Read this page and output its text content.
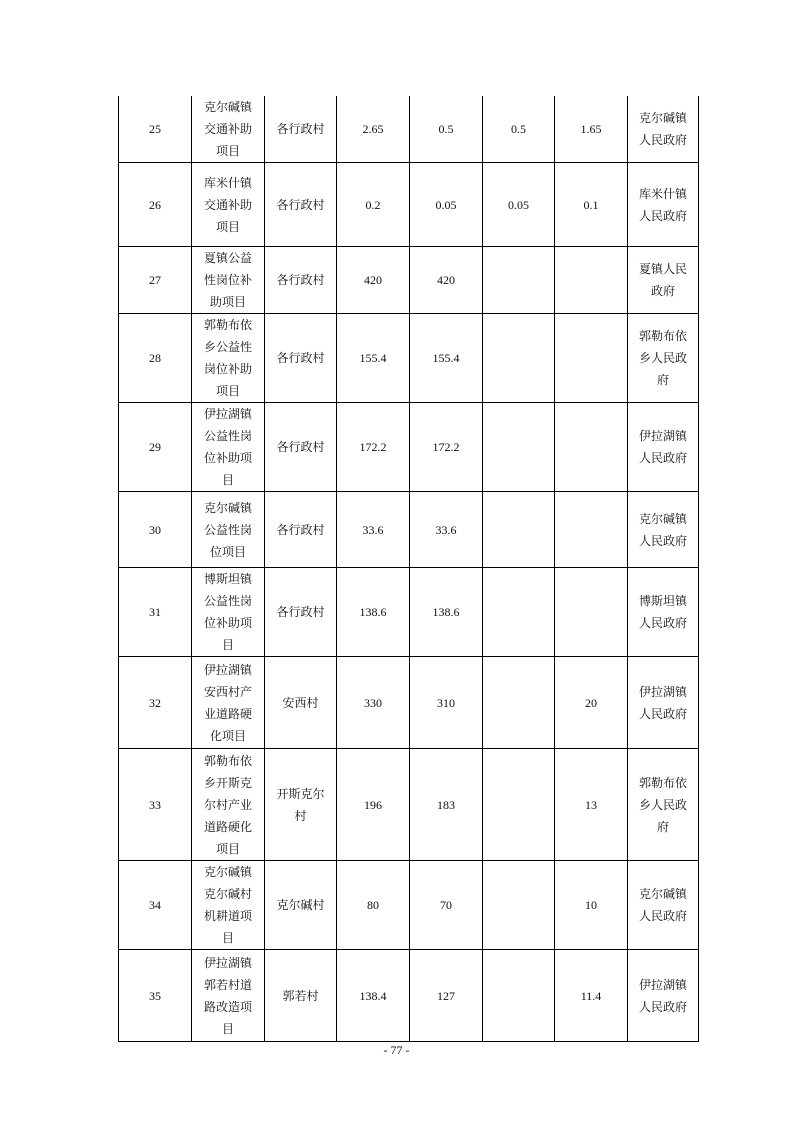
25	克尔碱镇
交通补助
项目	各行政村	2.65	0.5	0.5	1.65	克尔碱镇
人民政府
26	库米什镇
交通补助
项目	各行政村	0.2	0.05	0.05	0.1	库米什镇
人民政府
27	夏镇公益
性岗位补
助项目	各行政村	420	420			夏镇人民
政府
28	郭勒布依
乡公益性
岗位补助
项目	各行政村	155.4	155.4			郭勒布依
乡人民政
府
29	伊拉湖镇
公益性岗
位补助项
目	各行政村	172.2	172.2			伊拉湖镇
人民政府
30	克尔碱镇
公益性岗
位项目	各行政村	33.6	33.6			克尔碱镇
人民政府
31	博斯坦镇
公益性岗
位补助项
目	各行政村	138.6	138.6			博斯坦镇
人民政府
32	伊拉湖镇
安西村产
业道路硬
化项目	安西村	330	310		20	伊拉湖镇
人民政府
33	郭勒布依
乡开斯克
尔村产业
道路硬化
项目	开斯克尔
村	196	183		13	郭勒布依
乡人民政
府
34	克尔碱镇
克尔碱村
机耕道项
目	克尔碱村	80	70		10	克尔碱镇
人民政府
35	伊拉湖镇
郭若村道
路改造项
目	郭若村	138.4	127		11.4	伊拉湖镇
人民政府
- 77 -
